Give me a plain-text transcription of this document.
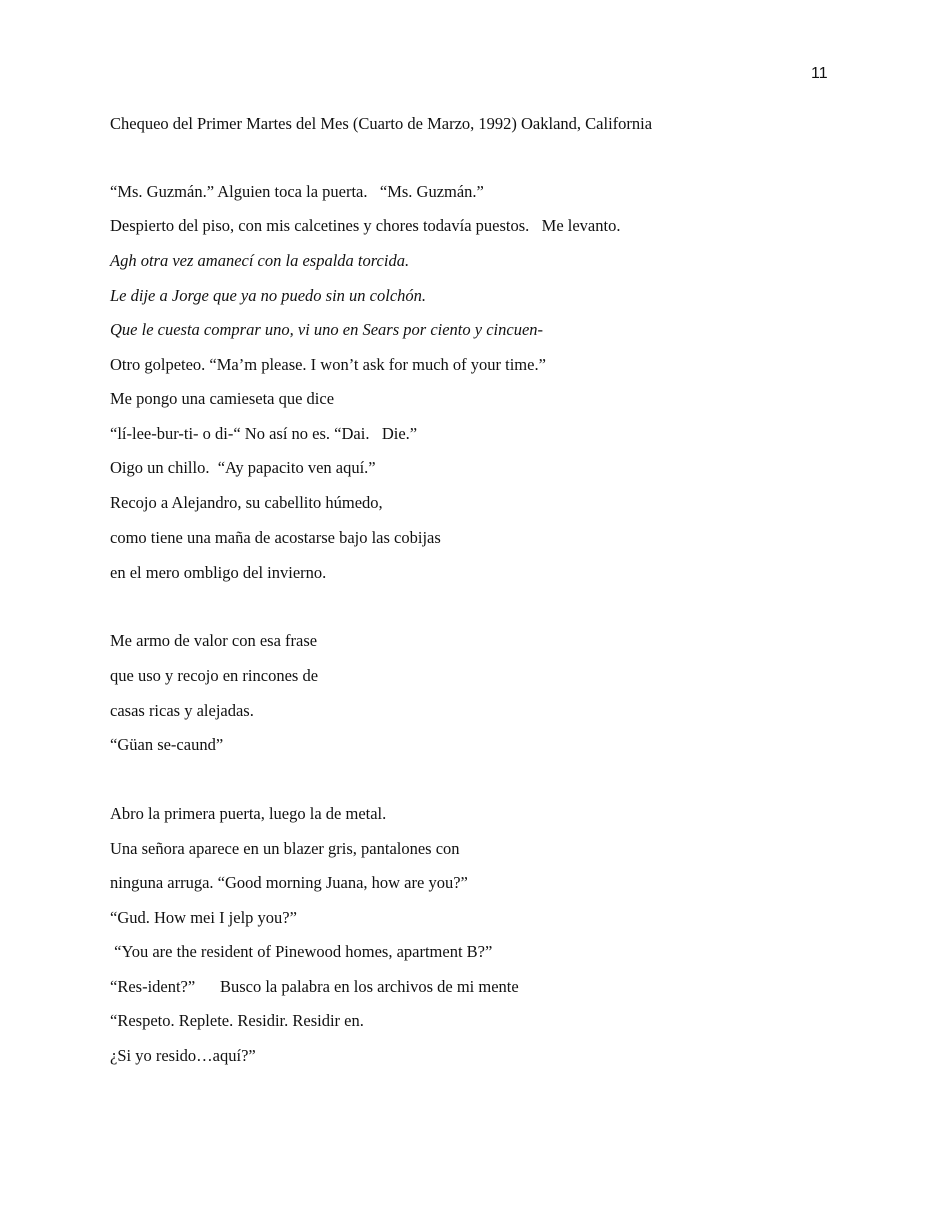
11
Chequeo del Primer Martes del Mes (Cuarto de Marzo, 1992) Oakland, California
“Ms. Guzmán.” Alguien toca la puerta.   “Ms. Guzmán.”
Despierto del piso, con mis calcetines y chores todavía puestos.   Me levanto.
Agh otra vez amanecí con la espalda torcida.
Le dije a Jorge que ya no puedo sin un colchón.
Que le cuesta comprar uno, vi uno en Sears por ciento y cincuen-
Otro golpeteo. “Ma’m please. I won’t ask for much of your time.”
Me pongo una camieseta que dice
“lí-lee-bur-ti- o di-“ No así no es. “Dai.   Die.”
Oigo un chillo.  “Ay papacito ven aquí.”
Recojo a Alejandro, su cabellito húmedo,
como tiene una maña de acostarse bajo las cobijas
en el mero ombligo del invierno.
Me armo de valor con esa frase
que uso y recojo en rincones de
casas ricas y alejadas.
“Güan se-caund”
Abro la primera puerta, luego la de metal.
Una señora aparece en un blazer gris, pantalones con
ninguna arruga. “Good morning Juana, how are you?”
“Gud. How mei I jelp you?”
“You are the resident of Pinewood homes, apartment B?”
“Res-ident?”      Busco la palabra en los archivos de mi mente
“Respeto. Replete. Residir. Residir en.
¿Si yo resido…aquí?”
